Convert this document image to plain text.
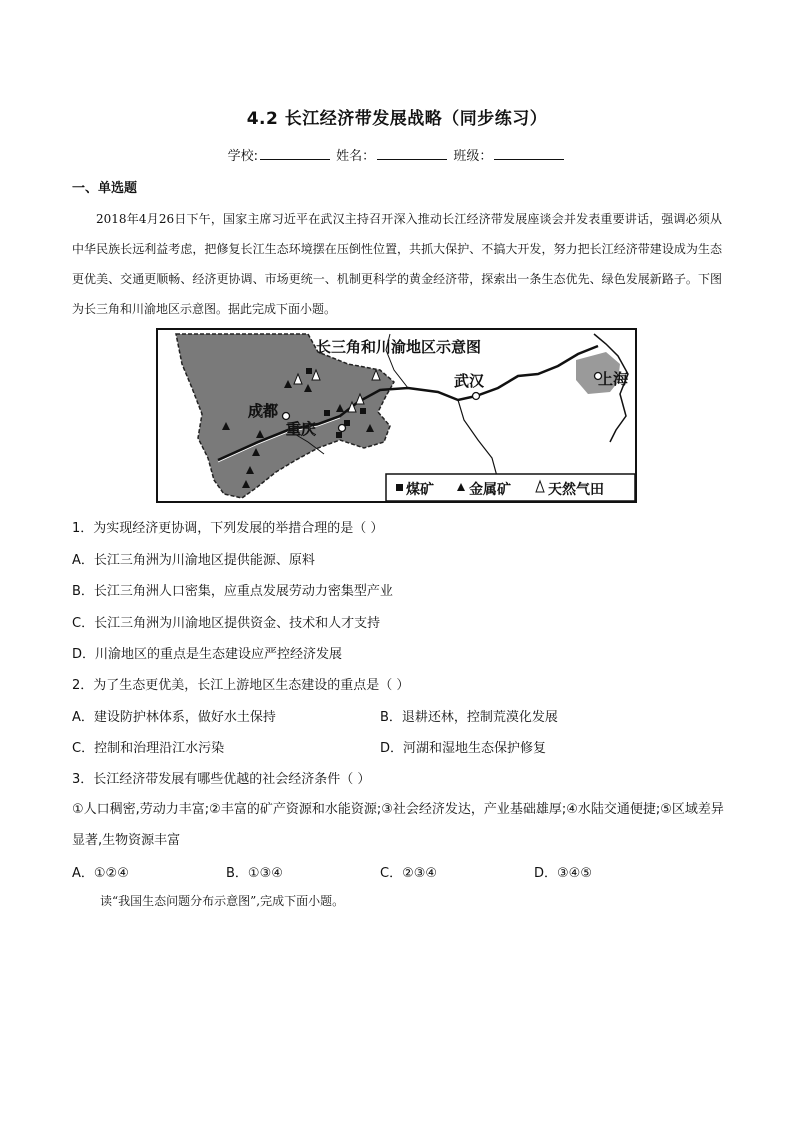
4.2 长江经济带发展战略（同步练习）
学校:	姓名：	班级：
一、单选题
2018年4月26日下午，国家主席习近平在武汉主持召开深入推动长江经济带发展座谈会并发表重要讲话，强调必须从中华民族长远利益考虑，把修复长江生态环境摆在压倒性位置，共抓大保护、不搞大开发，努力把长江经济带建设成为生态更优美、交通更顺畅、经济更协调、市场更统一、机制更科学的黄金经济带，探索出一条生态优先、绿色发展新路子。下图为长三角和川渝地区示意图。据此完成下面小题。
长三角和川渝地区示意图
成都
重庆
武汉	上海
煤矿	金属矿	天然气田
1．为实现经济更协调，下列发展的举措合理的是（ ）
A．长江三角洲为川渝地区提供能源、原料
B．长江三角洲人口密集，应重点发展劳动力密集型产业
C．长江三角洲为川渝地区提供资金、技术和人才支持
D．川渝地区的重点是生态建设应严控经济发展
2．为了生态更优美，长江上游地区生态建设的重点是（ ）
A．建设防护林体系，做好水土保持	B．退耕还林，控制荒漠化发展
C．控制和治理沿江水污染	D．河湖和湿地生态保护修复
3．长江经济带发展有哪些优越的社会经济条件（ ）
①人口稠密,劳动力丰富;②丰富的矿产资源和水能资源;③社会经济发达，产业基础雄厚;④水陆交通便捷;⑤区域差异显著,生物资源丰富
A．①②④	B．①③④	C．②③④	D．③④⑤
读“我国生态问题分布示意图”,完成下面小题。
